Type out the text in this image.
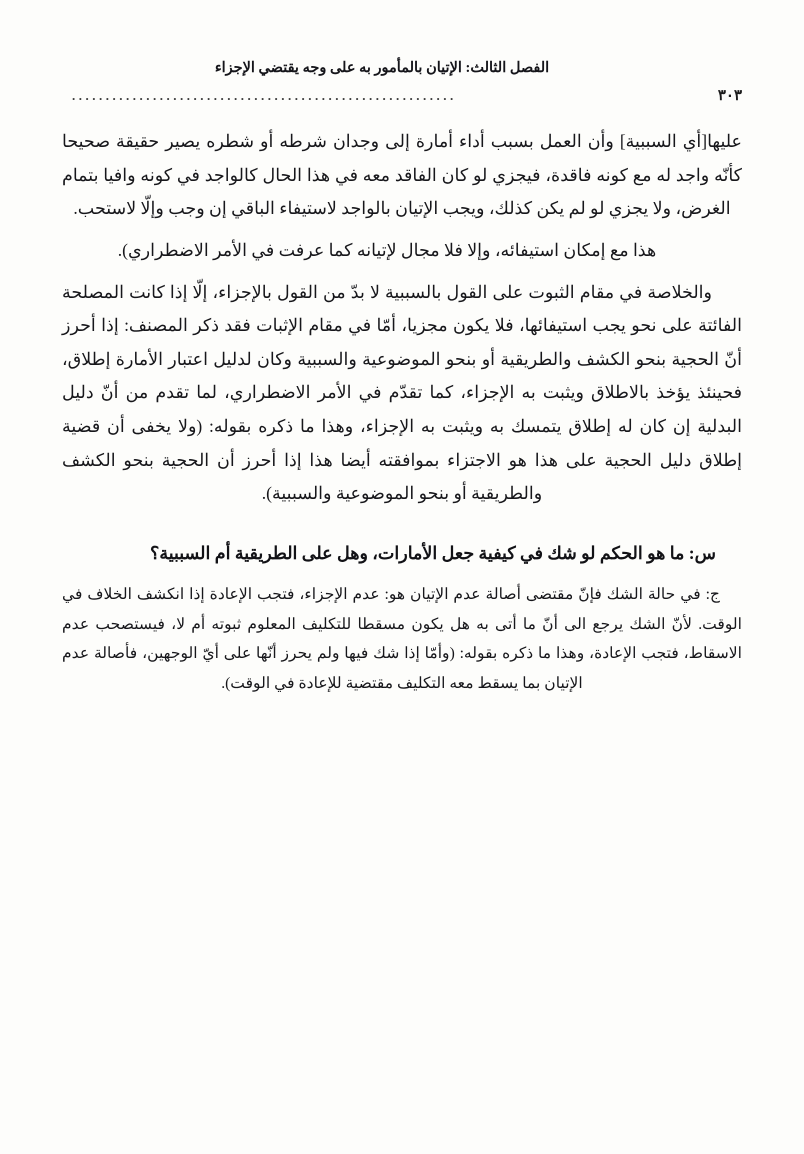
الفصل الثالث: الإتيان بالمأمور به على وجه يقتضي الإجزاء
٣٠٣
.........................................................

عليها[أي السببية] وأن العمل بسبب أداء أمارة إلى وجدان شرطه أو شطره يصير حقيقة صحيحا كأنّه واجد له مع كونه فاقدة، فيجزي لو كان الفاقد معه في هذا الحال كالواجد في كونه وافيا بتمام الغرض، ولا يجزي لو لم يكن كذلك، ويجب الإتيان بالواجد لاستيفاء الباقي إن وجب وإلّا لاستحب.

هذا مع إمكان استيفائه، وإلا فلا مجال لإتيانه كما عرفت في الأمر الاضطراري).

والخلاصة في مقام الثبوت على القول بالسببية لا بدّ من القول بالإجزاء، إلّا إذا كانت المصلحة الفائتة على نحو يجب استيفائها، فلا يكون مجزيا، أمّا في مقام الإثبات فقد ذكر المصنف: إذا أحرز أنّ الحجية بنحو الكشف والطريقية أو بنحو الموضوعية والسببية وكان لدليل اعتبار الأمارة إطلاق، فحينئذ يؤخذ بالاطلاق ويثبت به الإجزاء، كما تقدّم في الأمر الاضطراري، لما تقدم من أنّ دليل البدلية إن كان له إطلاق يتمسك به ويثبت به الإجزاء، وهذا ما ذكره بقوله: (ولا يخفى أن قضية إطلاق دليل الحجية على هذا هو الاجتزاء بموافقته أيضا هذا إذا أحرز أن الحجية بنحو الكشف والطريقية أو بنحو الموضوعية والسببية).

س: ما هو الحكم لو شك في كيفية جعل الأمارات، وهل على الطريقية أم السببية؟

ج: في حالة الشك فإنّ مقتضى أصالة عدم الإتيان هو: عدم الإجزاء، فتجب الإعادة إذا انكشف الخلاف في الوقت. لأنّ الشك يرجع الى أنّ ما أتى به هل يكون مسقطا للتكليف المعلوم ثبوته أم لا، فيستصحب عدم الاسقاط، فتجب الإعادة، وهذا ما ذكره بقوله: (وأمّا إذا شك فيها ولم يحرز أنّها على أيّ الوجهين، فأصالة عدم الإتيان بما يسقط معه التكليف مقتضية للإعادة في الوقت).
